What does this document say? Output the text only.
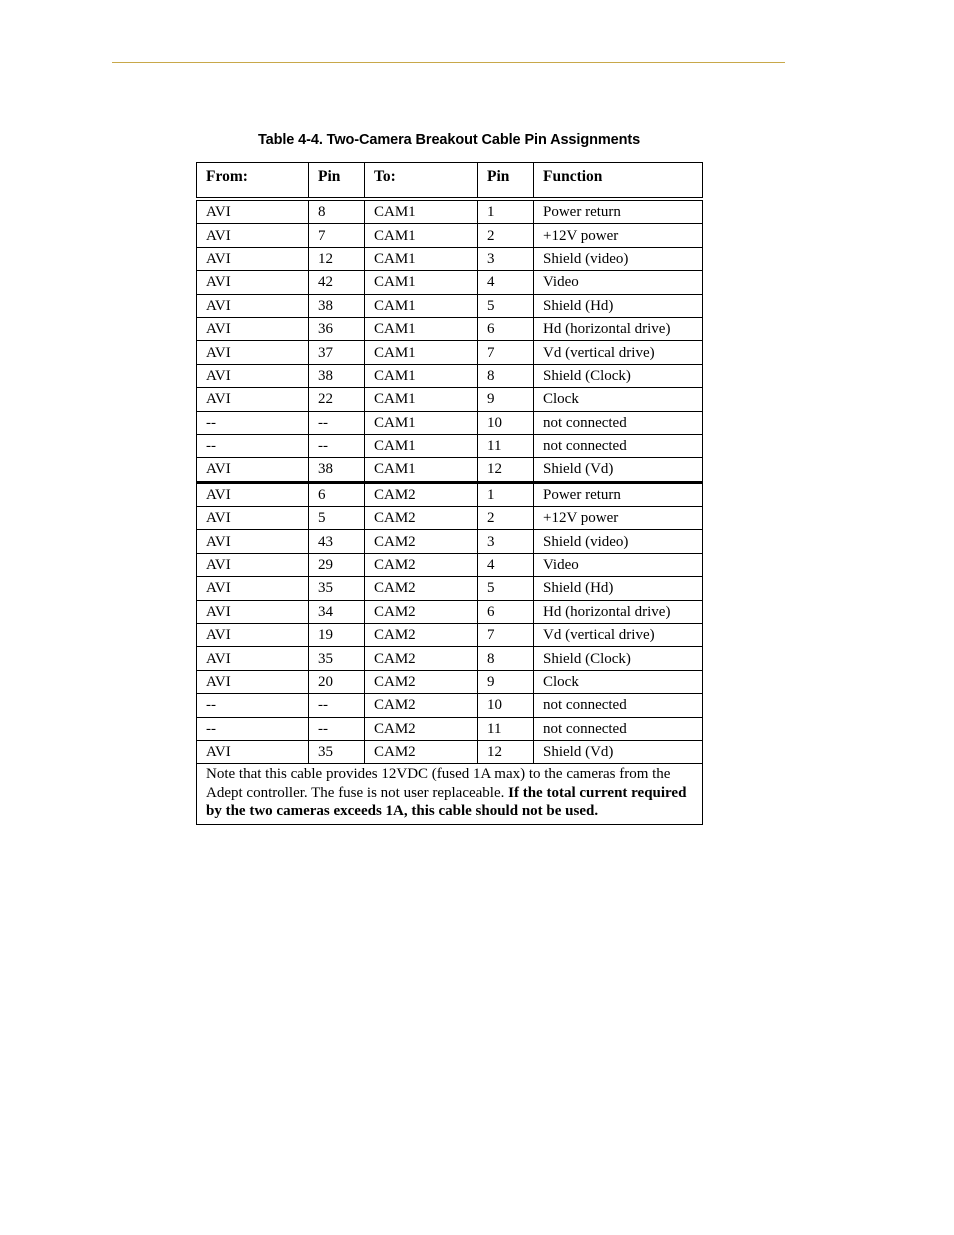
Table 4-4. Two-Camera Breakout Cable Pin Assignments
From:	Pin	To:	Pin	Function
AVI	8	CAM1	1	Power return
AVI	7	CAM1	2	+12V power
AVI	12	CAM1	3	Shield (video)
AVI	42	CAM1	4	Video
AVI	38	CAM1	5	Shield (Hd)
AVI	36	CAM1	6	Hd (horizontal drive)
AVI	37	CAM1	7	Vd (vertical drive)
AVI	38	CAM1	8	Shield (Clock)
AVI	22	CAM1	9	Clock
--	--	CAM1	10	not connected
--	--	CAM1	11	not connected
AVI	38	CAM1	12	Shield (Vd)
AVI	6	CAM2	1	Power return
AVI	5	CAM2	2	+12V power
AVI	43	CAM2	3	Shield (video)
AVI	29	CAM2	4	Video
AVI	35	CAM2	5	Shield (Hd)
AVI	34	CAM2	6	Hd (horizontal drive)
AVI	19	CAM2	7	Vd (vertical drive)
AVI	35	CAM2	8	Shield (Clock)
AVI	20	CAM2	9	Clock
--	--	CAM2	10	not connected
--	--	CAM2	11	not connected
AVI	35	CAM2	12	Shield (Vd)
Note that this cable provides 12VDC (fused 1A max) to the cameras from the Adept controller. The fuse is not user replaceable. If the total current required by the two cameras exceeds 1A, this cable should not be used.				
